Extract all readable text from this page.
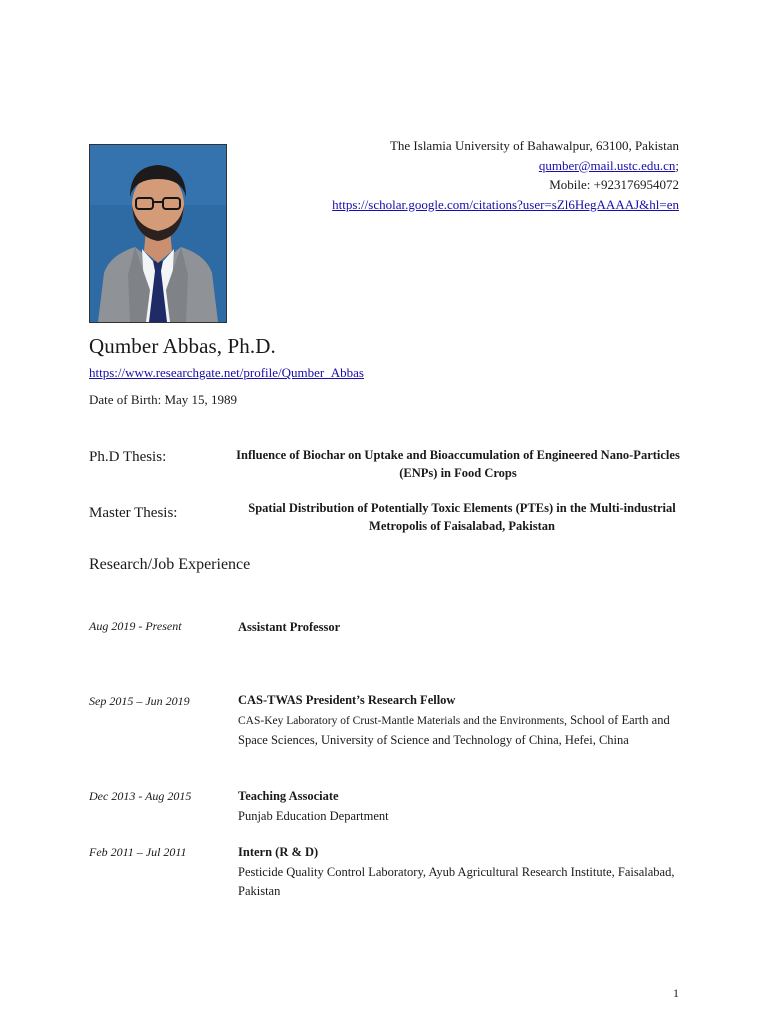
The Islamia University of Bahawalpur, 63100, Pakistan
qumber@mail.ustc.edu.cn;
Mobile: +923176954072
https://scholar.google.com/citations?user=sZl6HegAAAAJ&hl=en
Qumber Abbas, Ph.D.
https://www.researchgate.net/profile/Qumber_Abbas
Date of Birth: May 15, 1989
Ph.D Thesis:	Influence of Biochar on Uptake and Bioaccumulation of Engineered Nano-Particles (ENPs) in Food Crops
Master Thesis:	Spatial Distribution of Potentially Toxic Elements (PTEs) in the Multi-industrial Metropolis of Faisalabad, Pakistan
Research/Job Experience
Aug 2019 - Present	Assistant Professor
Sep 2015 – Jun 2019	CAS-TWAS President’s Research Fellow
CAS-Key Laboratory of Crust-Mantle Materials and the Environments, School of Earth and Space Sciences, University of Science and Technology of China, Hefei, China
Dec 2013 - Aug 2015	Teaching Associate
Punjab Education Department
Feb 2011 – Jul 2011	Intern (R & D)
Pesticide Quality Control Laboratory, Ayub Agricultural Research Institute, Faisalabad, Pakistan
1
